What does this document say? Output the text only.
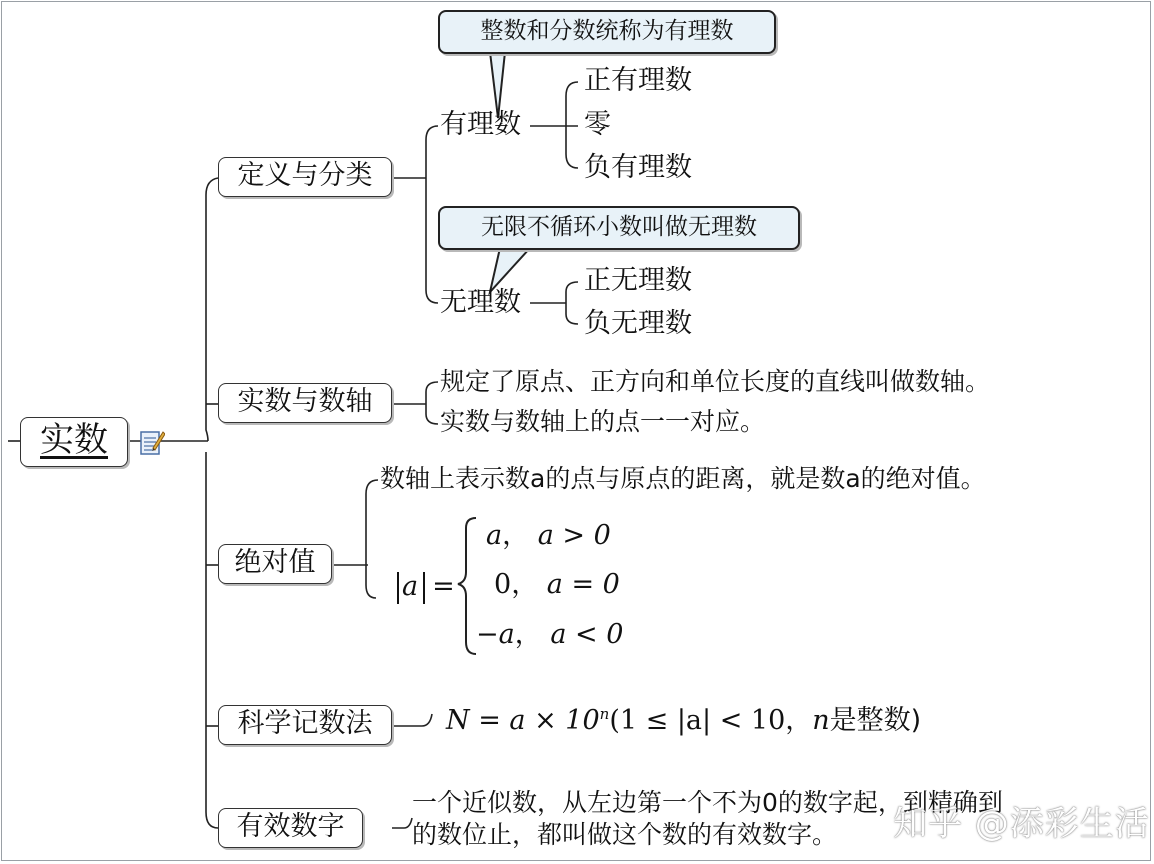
整数和分数统称为有理数
无限不循环小数叫做无理数
实数
定义与分类
实数与数轴
绝对值
科学记数法
有效数字
有理数
正有理数
零
负有理数
无理数
正无理数
负无理数
规定了原点、正方向和单位长度的直线叫做数轴。
实数与数轴上的点一一对应。
数轴上表示数a的点与原点的距离，就是数a的绝对值。
a =
a， a > 0
0， a = 0
−a， a < 0
$N = a \times 10^n(1 \le |a| < 10$，n是整数)
一个近似数，从左边第一个不为0的数字起，到精确到
的数位止，都叫做这个数的有效数字。 知乎 @添彩生活
